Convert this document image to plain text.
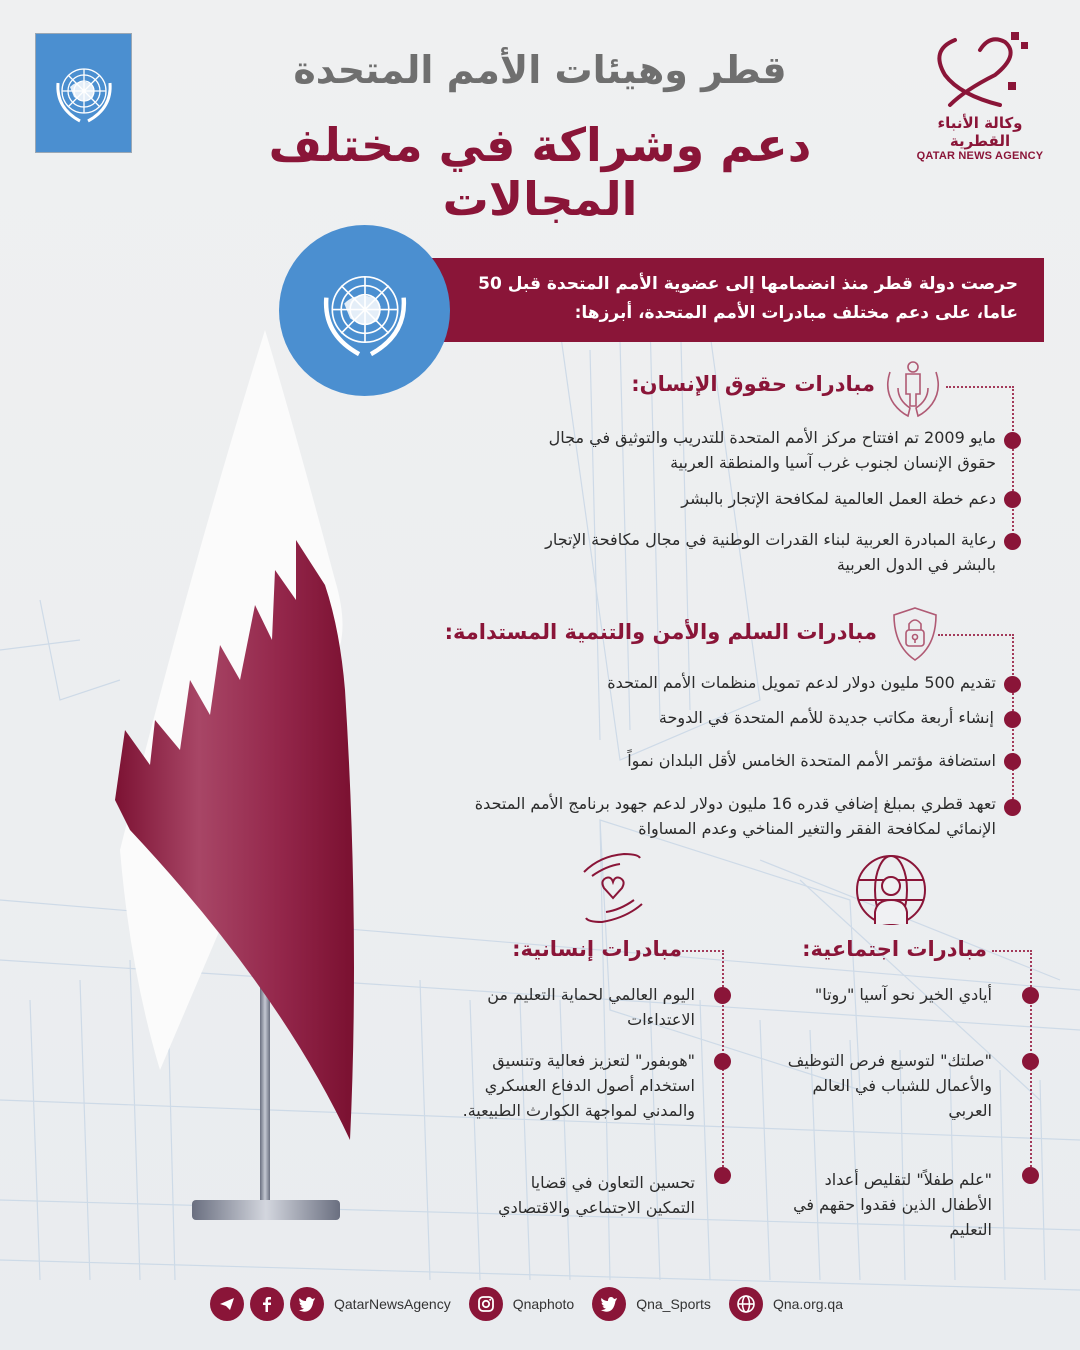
قطر وهيئات الأمم المتحدة
دعم وشراكة في مختلف المجالات
وكالة الأنباء القطرية
QATAR NEWS AGENCY
حرصت دولة قطر منذ انضمامها إلى عضوية الأمم المتحدة قبل 50 عاما، على دعم مختلف مبادرات الأمم المتحدة، أبرزها:
مبادرات حقوق الإنسان:
مايو 2009 تم افتتاح مركز الأمم المتحدة للتدريب والتوثيق في مجال حقوق الإنسان لجنوب غرب آسيا والمنطقة العربية
دعم خطة العمل العالمية لمكافحة الإتجار بالبشر
رعاية المبادرة العربية لبناء القدرات الوطنية في مجال مكافحة الإتجار بالبشر في الدول العربية
مبادرات السلم والأمن والتنمية المستدامة:
تقديم 500 مليون دولار لدعم تمويل منظمات الأمم المتحدة
إنشاء أربعة مكاتب جديدة للأمم المتحدة في الدوحة
استضافة مؤتمر الأمم المتحدة الخامس لأقل البلدان نمواً
تعهد قطري بمبلغ إضافي قدره 16 مليون دولار لدعم جهود برنامج الأمم المتحدة الإنمائي لمكافحة الفقر والتغير المناخي وعدم المساواة
مبادرات اجتماعية:
أيادي الخير نحو آسيا "روتا"
"صلتك" لتوسيع فرص التوظيف والأعمال للشباب في العالم العربي
"علم طفلاً" لتقليص أعداد الأطفال الذين فقدوا حقهم في التعليم
مبادرات إنسانية:
اليوم العالمي لحماية التعليم من الاعتداءات
"هوبفور" لتعزيز فعالية وتنسيق استخدام أصول الدفاع العسكري والمدني لمواجهة الكوارث الطبيعية.
تحسين التعاون في قضايا التمكين الاجتماعي والاقتصادي
QatarNewsAgency	Qnaphoto	Qna_Sports	Qna.org.qa
